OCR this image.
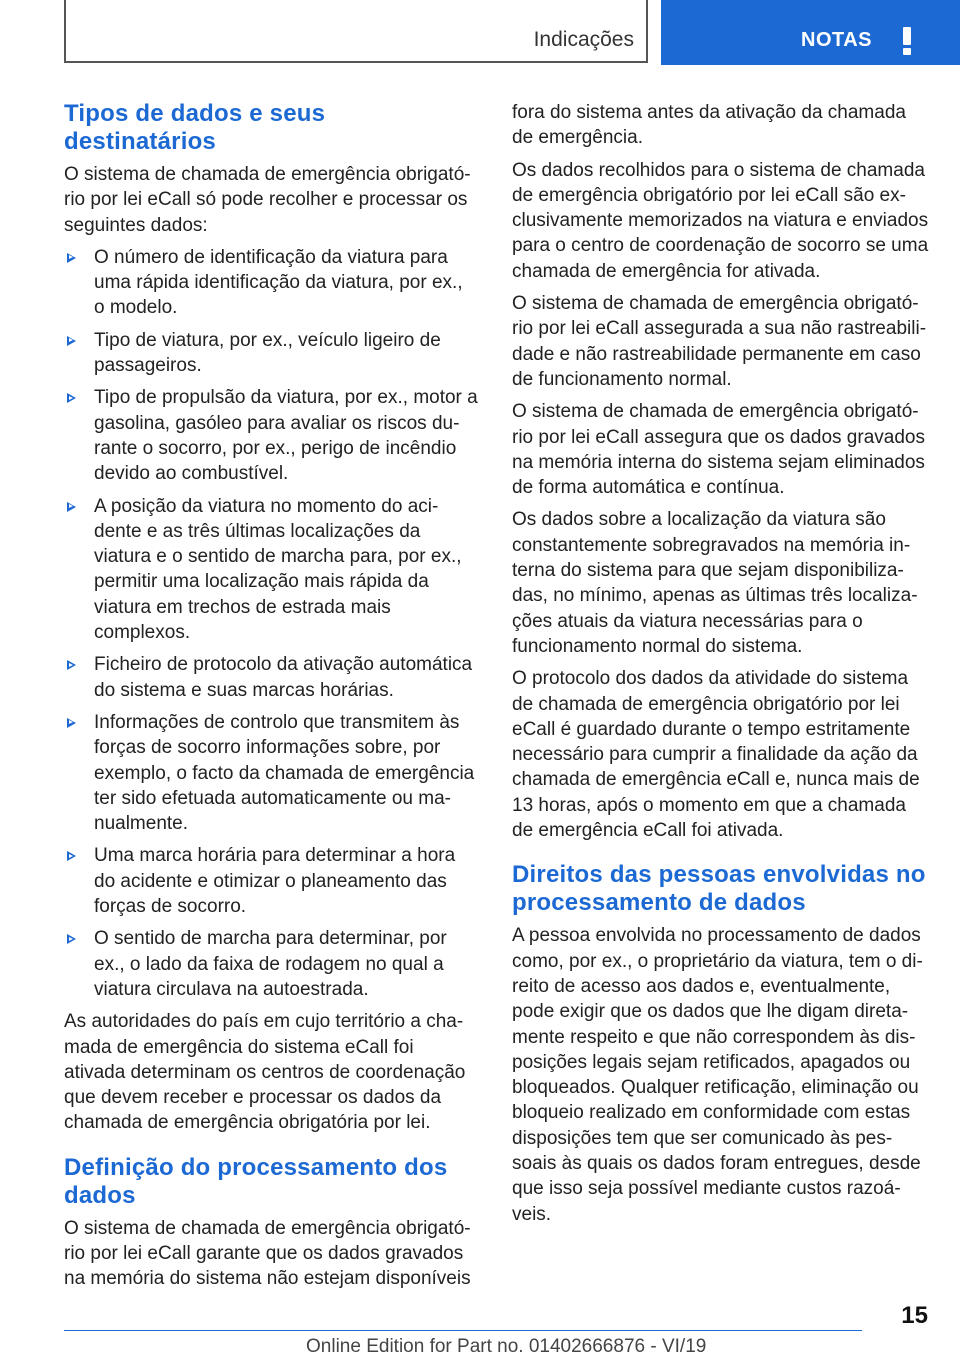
Indicações	NOTAS
Tipos de dados e seus destinatários

O sistema de chamada de emergência obrigatório por lei eCall só pode recolher e processar os seguintes dados:

O número de identificação da viatura para uma rápida identificação da viatura, por ex., o modelo.
Tipo de viatura, por ex., veículo ligeiro de passageiros.
Tipo de propulsão da viatura, por ex., motor a gasolina, gasóleo para avaliar os riscos durante o socorro, por ex., perigo de incêndio devido ao combustível.
A posição da viatura no momento do acidente e as três últimas localizações da viatura e o sentido de marcha para, por ex., permitir uma localização mais rápida da viatura em trechos de estrada mais complexos.
Ficheiro de protocolo da ativação automática do sistema e suas marcas horárias.
Informações de controlo que transmitem às forças de socorro informações sobre, por exemplo, o facto da chamada de emergência ter sido efetuada automaticamente ou manualmente.
Uma marca horária para determinar a hora do acidente e otimizar o planeamento das forças de socorro.
O sentido de marcha para determinar, por ex., o lado da faixa de rodagem no qual a viatura circulava na autoestrada.

As autoridades do país em cujo território a chamada de emergência do sistema eCall foi ativada determinam os centros de coordenação que devem receber e processar os dados da chamada de emergência obrigatória por lei.

Definição do processamento dos dados

O sistema de chamada de emergência obrigatório por lei eCall garante que os dados gravados na memória do sistema não estejam disponíveis

fora do sistema antes da ativação da chamada de emergência.

Os dados recolhidos para o sistema de chamada de emergência obrigatório por lei eCall são exclusivamente memorizados na viatura e enviados para o centro de coordenação de socorro se uma chamada de emergência for ativada.

O sistema de chamada de emergência obrigatório por lei eCall assegurada a sua não rastreabilidade e não rastreabilidade permanente em caso de funcionamento normal.

O sistema de chamada de emergência obrigatório por lei eCall assegura que os dados gravados na memória interna do sistema sejam eliminados de forma automática e contínua.

Os dados sobre a localização da viatura são constantemente sobregravados na memória interna do sistema para que sejam disponibilizadas, no mínimo, apenas as últimas três localizações atuais da viatura necessárias para o funcionamento normal do sistema.

O protocolo dos dados da atividade do sistema de chamada de emergência obrigatório por lei eCall é guardado durante o tempo estritamente necessário para cumprir a finalidade da ação da chamada de emergência eCall e, nunca mais de 13 horas, após o momento em que a chamada de emergência eCall foi ativada.

Direitos das pessoas envolvidas no processamento de dados

A pessoa envolvida no processamento de dados como, por ex., o proprietário da viatura, tem o direito de acesso aos dados e, eventualmente, pode exigir que os dados que lhe digam diretamente respeito e que não correspondem às disposições legais sejam retificados, apagados ou bloqueados. Qualquer retificação, eliminação ou bloqueio realizado em conformidade com estas disposições tem que ser comunicado às pessoais às quais os dados foram entregues, desde que isso seja possível mediante custos razoáveis.

15
Online Edition for Part no. 01402666876 - VI/19
